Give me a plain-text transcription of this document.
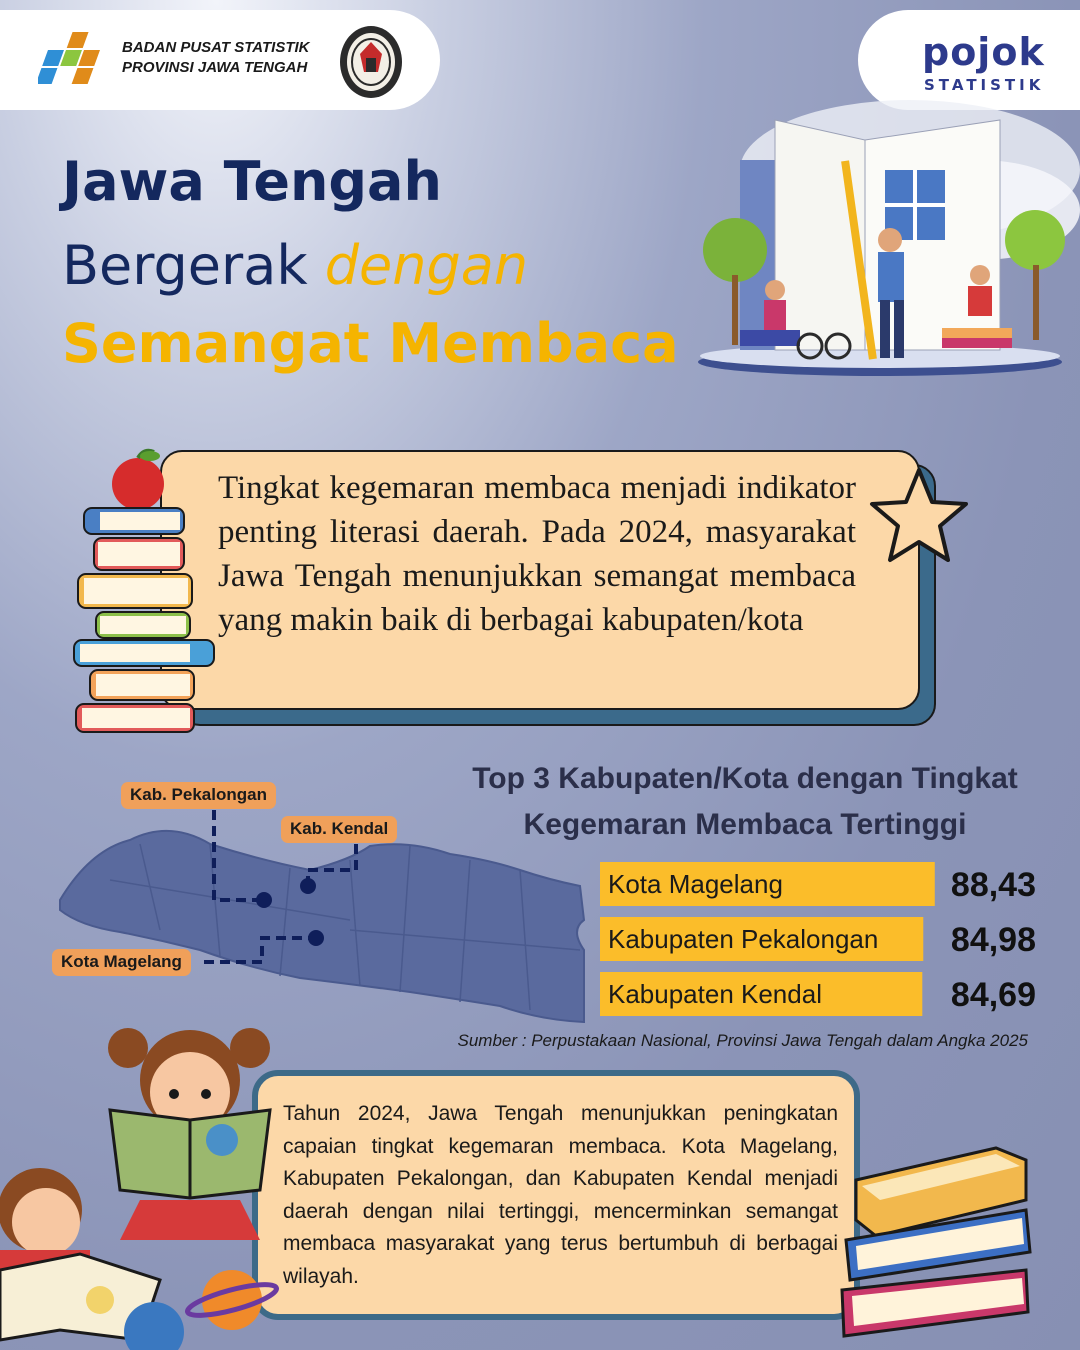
BADAN PUSAT STATISTIK
PROVINSI JAWA TENGAH	pojok
STATISTIK
Jawa Tengah
Bergerak dengan
Semangat Membaca
Tingkat kegemaran membaca menjadi indikator penting literasi daerah. Pada 2024, masyarakat Jawa Tengah menunjukkan semangat membaca yang makin baik di berbagai kabupaten/kota
Top 3 Kabupaten/Kota dengan Tingkat Kegemaran Membaca Tertinggi
Kab. Pekalongan
Kab. Kendal
Kota Magelang
Kota Magelang	88,43
Kabupaten Pekalongan 84,98
Kabupaten Kendal	84,69
Sumber : Perpustakaan Nasional, Provinsi Jawa Tengah dalam Angka 2025
Tahun 2024, Jawa Tengah menunjukkan peningkatan capaian tingkat kegemaran membaca. Kota Magelang, Kabupaten Pekalongan, dan Kabupaten Kendal menjadi daerah dengan nilai tertinggi, mencerminkan semangat membaca masyarakat yang terus bertumbuh di berbagai wilayah.
